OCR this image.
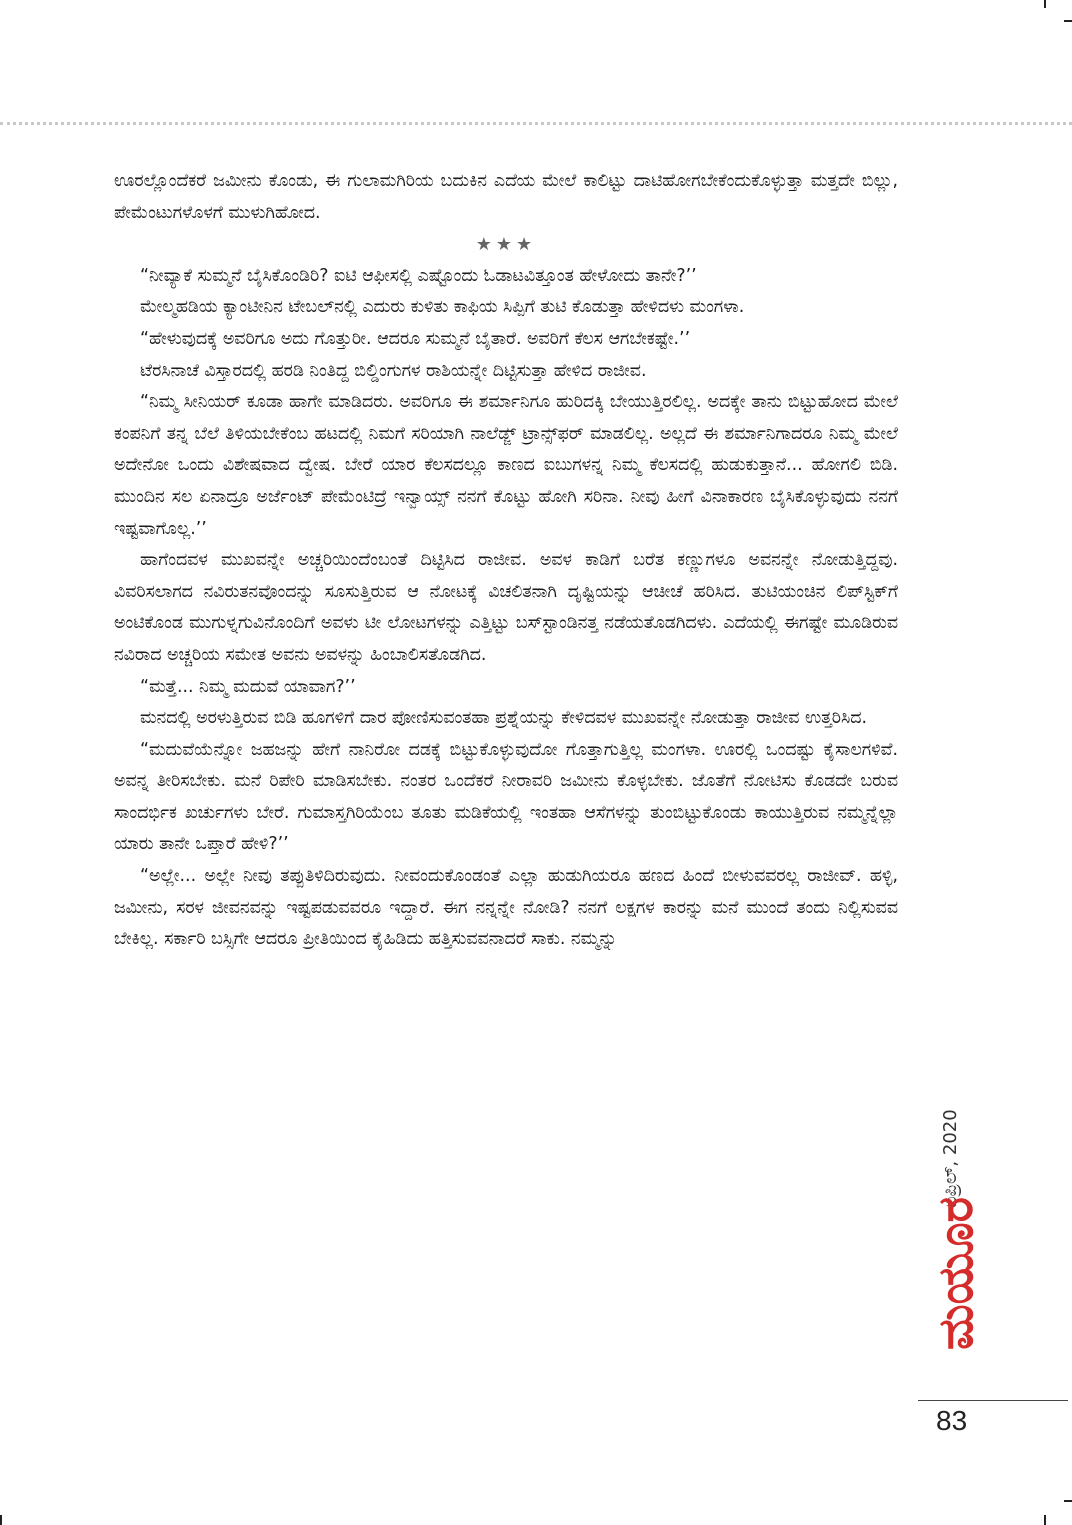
ಊರಲ್ಲೊಂದೆಕರೆ ಜಮೀನು ಕೊಂಡು, ಈ ಗುಲಾಮಗಿರಿಯ ಬದುಕಿನ ಎದೆಯ ಮೇಲೆ ಕಾಲಿಟ್ಟು ದಾಟಿಹೋಗಬೇಕೆಂದುಕೊಳ್ಳುತ್ತಾ ಮತ್ತದೇ ಬಿಲ್ಲು, ಪೇಮೆಂಟುಗಳೊಳಗೆ ಮುಳುಗಿಹೋದ.

★★★

“ನೀವ್ಯಾಕೆ ಸುಮ್ಮನೆ ಬೈಸಿಕೊಂಡಿರಿ? ಐಟಿ ಆಫೀಸಲ್ಲಿ ಎಷ್ಟೊಂದು ಓಡಾಟವಿತ್ತೂಂತ ಹೇಳೋದು ತಾನೇ?’’

ಮೇಲ್ಮಹಡಿಯ ಕ್ಯಾಂಟೀನಿನ ಟೇಬಲ್‌ನಲ್ಲಿ ಎದುರು ಕುಳಿತು ಕಾಫಿಯ ಸಿಪ್ಪಿಗೆ ತುಟಿ ಕೊಡುತ್ತಾ ಹೇಳಿದಳು ಮಂಗಳಾ.

“ಹೇಳುವುದಕ್ಕೆ ಅವರಿಗೂ ಅದು ಗೊತ್ತುರೀ. ಆದರೂ ಸುಮ್ಮನೆ ಬೈತಾರೆ. ಅವರಿಗೆ ಕೆಲಸ ಆಗಬೇಕಷ್ಟೇ.’’

ಟೆರಸಿನಾಚೆ ವಿಸ್ತಾರದಲ್ಲಿ ಹರಡಿ ನಿಂತಿದ್ದ ಬಿಲ್ಡಿಂಗುಗಳ ರಾಶಿಯನ್ನೇ ದಿಟ್ಟಿಸುತ್ತಾ ಹೇಳಿದ ರಾಜೀವ.

“ನಿಮ್ಮ ಸೀನಿಯರ್ ಕೂಡಾ ಹಾಗೇ ಮಾಡಿದರು. ಅವರಿಗೂ ಈ ಶರ್ಮಾನಿಗೂ ಹುರಿದಕ್ಕಿ ಬೇಯುತ್ತಿರಲಿಲ್ಲ. ಅದಕ್ಕೇ ತಾನು ಬಿಟ್ಟುಹೋದ ಮೇಲೆ ಕಂಪನಿಗೆ ತನ್ನ ಬೆಲೆ ತಿಳಿಯಬೇಕೆಂಬ ಹಟದಲ್ಲಿ ನಿಮಗೆ ಸರಿಯಾಗಿ ನಾಲೆಡ್ಜ್ ಟ್ರಾನ್ಸ್‌ಫರ್ ಮಾಡಲಿಲ್ಲ. ಅಲ್ಲದೆ ಈ ಶರ್ಮಾನಿಗಾದರೂ ನಿಮ್ಮ ಮೇಲೆ ಅದೇನೋ ಒಂದು ವಿಶೇಷವಾದ ದ್ವೇಷ. ಬೇರೆ ಯಾರ ಕೆಲಸದಲ್ಲೂ ಕಾಣದ ಐಬುಗಳನ್ನ ನಿಮ್ಮ ಕೆಲಸದಲ್ಲಿ ಹುಡುಕುತ್ತಾನೆ... ಹೋಗಲಿ ಬಿಡಿ. ಮುಂದಿನ ಸಲ ಏನಾದ್ರೂ ಅರ್ಜೆಂಟ್ ಪೇಮೆಂಟಿದ್ರೆ ಇನ್ವಾಯ್ಸ್ ನನಗೆ ಕೊಟ್ಟು ಹೋಗಿ ಸರಿನಾ. ನೀವು ಹೀಗೆ ವಿನಾಕಾರಣ ಬೈಸಿಕೊಳ್ಳುವುದು ನನಗೆ ಇಷ್ಟವಾಗೊಲ್ಲ.’’

ಹಾಗೆಂದವಳ ಮುಖವನ್ನೇ ಅಚ್ಚರಿಯಿಂದೆಂಬಂತೆ ದಿಟ್ಟಿಸಿದ ರಾಜೀವ. ಅವಳ ಕಾಡಿಗೆ ಬರೆತ ಕಣ್ಣುಗಳೂ ಅವನನ್ನೇ ನೋಡುತ್ತಿದ್ದವು. ವಿವರಿಸಲಾಗದ ನವಿರುತನವೊಂದನ್ನು ಸೂಸುತ್ತಿರುವ ಆ ನೋಟಕ್ಕೆ ವಿಚಲಿತನಾಗಿ ದೃಷ್ಟಿಯನ್ನು ಆಚೀಚೆ ಹರಿಸಿದ. ತುಟಿಯಂಚಿನ ಲಿಪ್‌ಸ್ಟಿಕ್‌ಗೆ ಅಂಟಿಕೊಂಡ ಮುಗುಳ್ನಗುವಿನೊಂದಿಗೆ ಅವಳು ಟೀ ಲೋಟಗಳನ್ನು ಎತ್ತಿಟ್ಟು ಬಸ್‌ಸ್ಟಾಂಡಿನತ್ತ ನಡೆಯತೊಡಗಿದಳು. ಎದೆಯಲ್ಲಿ ಈಗಷ್ಟೇ ಮೂಡಿರುವ ನವಿರಾದ ಅಚ್ಚರಿಯ ಸಮೇತ ಅವನು ಅವಳನ್ನು ಹಿಂಬಾಲಿಸತೊಡಗಿದ.

“ಮತ್ತೆ... ನಿಮ್ಮ ಮದುವೆ ಯಾವಾಗ?’’

ಮನದಲ್ಲಿ ಅರಳುತ್ತಿರುವ ಬಿಡಿ ಹೂಗಳಿಗೆ ದಾರ ಪೋಣಿಸುವಂತಹಾ ಪ್ರಶ್ನೆಯನ್ನು ಕೇಳಿದವಳ ಮುಖವನ್ನೇ ನೋಡುತ್ತಾ ರಾಜೀವ ಉತ್ತರಿಸಿದ.

“ಮದುವೆಯೆನ್ನೋ ಜಹಜನ್ನು ಹೇಗೆ ನಾನಿರೋ ದಡಕ್ಕೆ ಬಿಟ್ಟುಕೊಳ್ಳುವುದೋ ಗೊತ್ತಾಗುತ್ತಿಲ್ಲ ಮಂಗಳಾ. ಊರಲ್ಲಿ ಒಂದಷ್ಟು ಕೈಸಾಲಗಳಿವೆ. ಅವನ್ನ ತೀರಿಸಬೇಕು. ಮನೆ ರಿಪೇರಿ ಮಾಡಿಸಬೇಕು. ನಂತರ ಒಂದೆಕರೆ ನೀರಾವರಿ ಜಮೀನು ಕೊಳ್ಳಬೇಕು. ಜೊತೆಗೆ ನೋಟಿಸು ಕೊಡದೇ ಬರುವ ಸಾಂದರ್ಭಿಕ ಖರ್ಚುಗಳು ಬೇರೆ. ಗುಮಾಸ್ತಗಿರಿಯೆಂಬ ತೂತು ಮಡಿಕೆಯಲ್ಲಿ ಇಂತಹಾ ಆಸೆಗಳನ್ನು ತುಂಬಿಟ್ಟುಕೊಂಡು ಕಾಯುತ್ತಿರುವ ನಮ್ಮನ್ನೆಲ್ಲಾ ಯಾರು ತಾನೇ ಒಪ್ತಾರೆ ಹೇಳಿ?’’

“ಅಲ್ಲೇ... ಅಲ್ಲೇ ನೀವು ತಪ್ಪುತಿಳಿದಿರುವುದು. ನೀವಂದುಕೊಂಡಂತೆ ಎಲ್ಲಾ ಹುಡುಗಿಯರೂ ಹಣದ ಹಿಂದೆ ಬೀಳುವವರಲ್ಲ ರಾಜೀವ್. ಹಳ್ಳಿ, ಜಮೀನು, ಸರಳ ಜೀವನವನ್ನು ಇಷ್ಟಪಡುವವರೂ ಇದ್ದಾರೆ. ಈಗ ನನ್ನನ್ನೇ ನೋಡಿ? ನನಗೆ ಲಕ್ಷಗಳ ಕಾರನ್ನು ಮನೆ ಮುಂದೆ ತಂದು ನಿಲ್ಲಿಸುವವ ಬೇಕಿಲ್ಲ. ಸರ್ಕಾರಿ ಬಸ್ಸಿಗೇ ಆದರೂ ಪ್ರೀತಿಯಿಂದ ಕೈಹಿಡಿದು ಹತ್ತಿಸುವವನಾದರೆ ಸಾಕು. ನಮ್ಮನ್ನು

ಏಪ್ರಿಲ್, 2020
ಮಯೂರ
83
